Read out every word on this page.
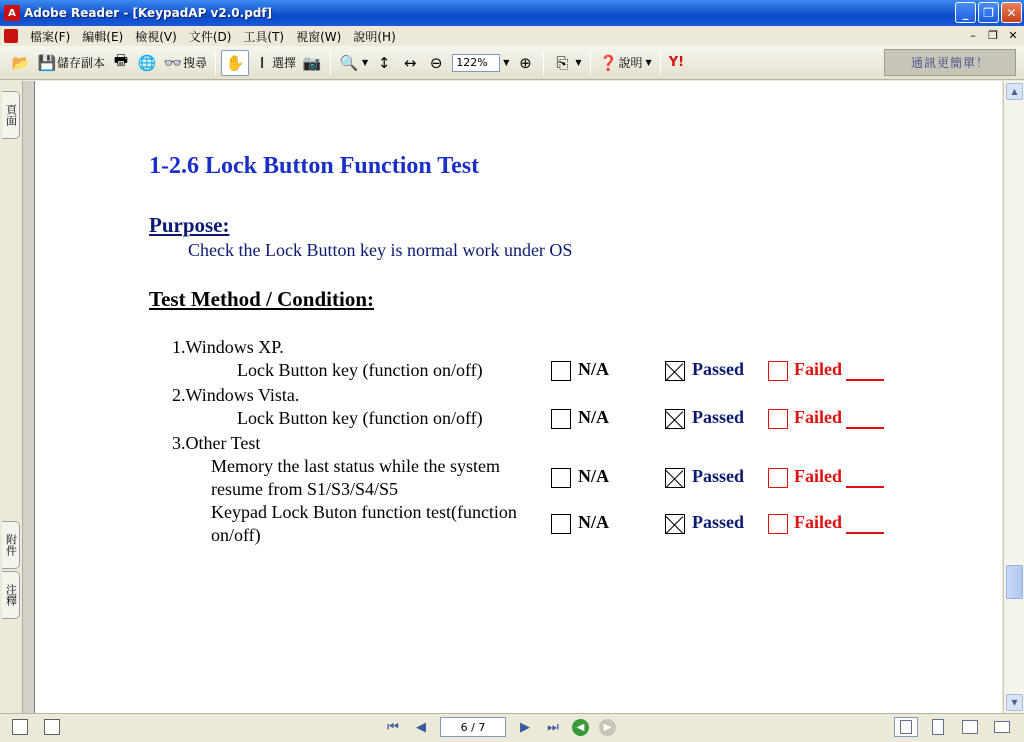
A Adobe Reader - [KeypadAP v2.0.pdf]	_	❐	✕
檔案(F)	編輯(E)	檢視(V)	文件(D)	工具(T)	視窗(W)	說明(H)	–	❐ ✕
📂 💾 儲存副本 🖶 🌐 👓 搜尋 ✋	Ⅰ 選擇 📷 🔍 ▼ ↕ ↔ ⊖	122%	▼ ⊕ ⎘ ▼ ❓ 說明 ▼ Y!	通訊更簡單！
頁面
附件
注釋
1-2.6 Lock Button Function Test
Purpose:
Check the Lock Button key is normal work under OS
Test Method / Condition:
1.Windows XP.
Lock Button key (function on/off)	N/A	Passed	Failed
2.Windows Vista.
Lock Button key (function on/off)	N/A	Passed	Failed
3.Other Test
Memory the last status while the system
resume from S1/S3/S4/S5
N/A	Passed	Failed
Keypad Lock Buton function test(function
on/off)
N/A	Passed	Failed
▲
▼
⏮	◀	6 / 7	▶	⏭	◀	▶
